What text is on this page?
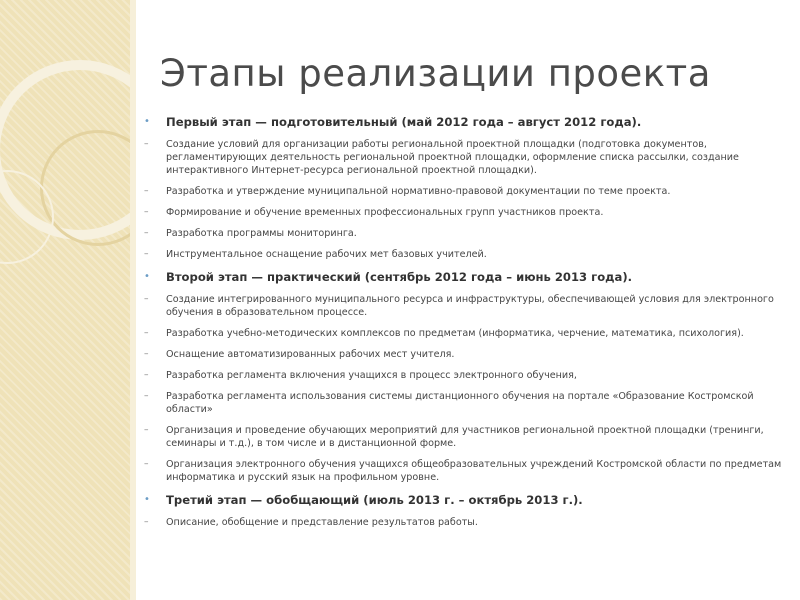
Этапы реализации проекта
•	Первый этап — подготовительный (май 2012 года – август 2012 года).
–	Создание условий для организации работы региональной проектной площадки (подготовка документов, регламентирующих деятельность региональной проектной площадки, оформление списка рассылки, создание интерактивного Интернет-ресурса региональной проектной площадки).
–	Разработка и утверждение муниципальной нормативно-правовой документации по теме проекта.
–	Формирование и обучение временных профессиональных групп участников проекта.
–	Разработка программы мониторинга.
–	Инструментальное оснащение рабочих мет базовых учителей.
•	Второй этап — практический (сентябрь 2012 года – июнь 2013 года).
–	Создание интегрированного муниципального ресурса и инфраструктуры, обеспечивающей условия для электронного обучения в образовательном процессе.
–	Разработка учебно-методических комплексов по предметам (информатика, черчение, математика, психология).
–	Оснащение автоматизированных рабочих мест учителя.
–	Разработка регламента включения учащихся в процесс электронного обучения,
–	Разработка регламента использования системы дистанционного обучения на портале «Образование Костромской области»
–	Организация и проведение обучающих мероприятий для участников региональной проектной площадки (тренинги, семинары и т.д.), в том числе и в дистанционной форме.
–	Организация электронного обучения учащихся общеобразовательных учреждений Костромской области по предметам информатика и русский язык на профильном уровне.
•	Третий этап — обобщающий (июль 2013 г. – октябрь 2013 г.).
–	Описание, обобщение и представление результатов работы.
